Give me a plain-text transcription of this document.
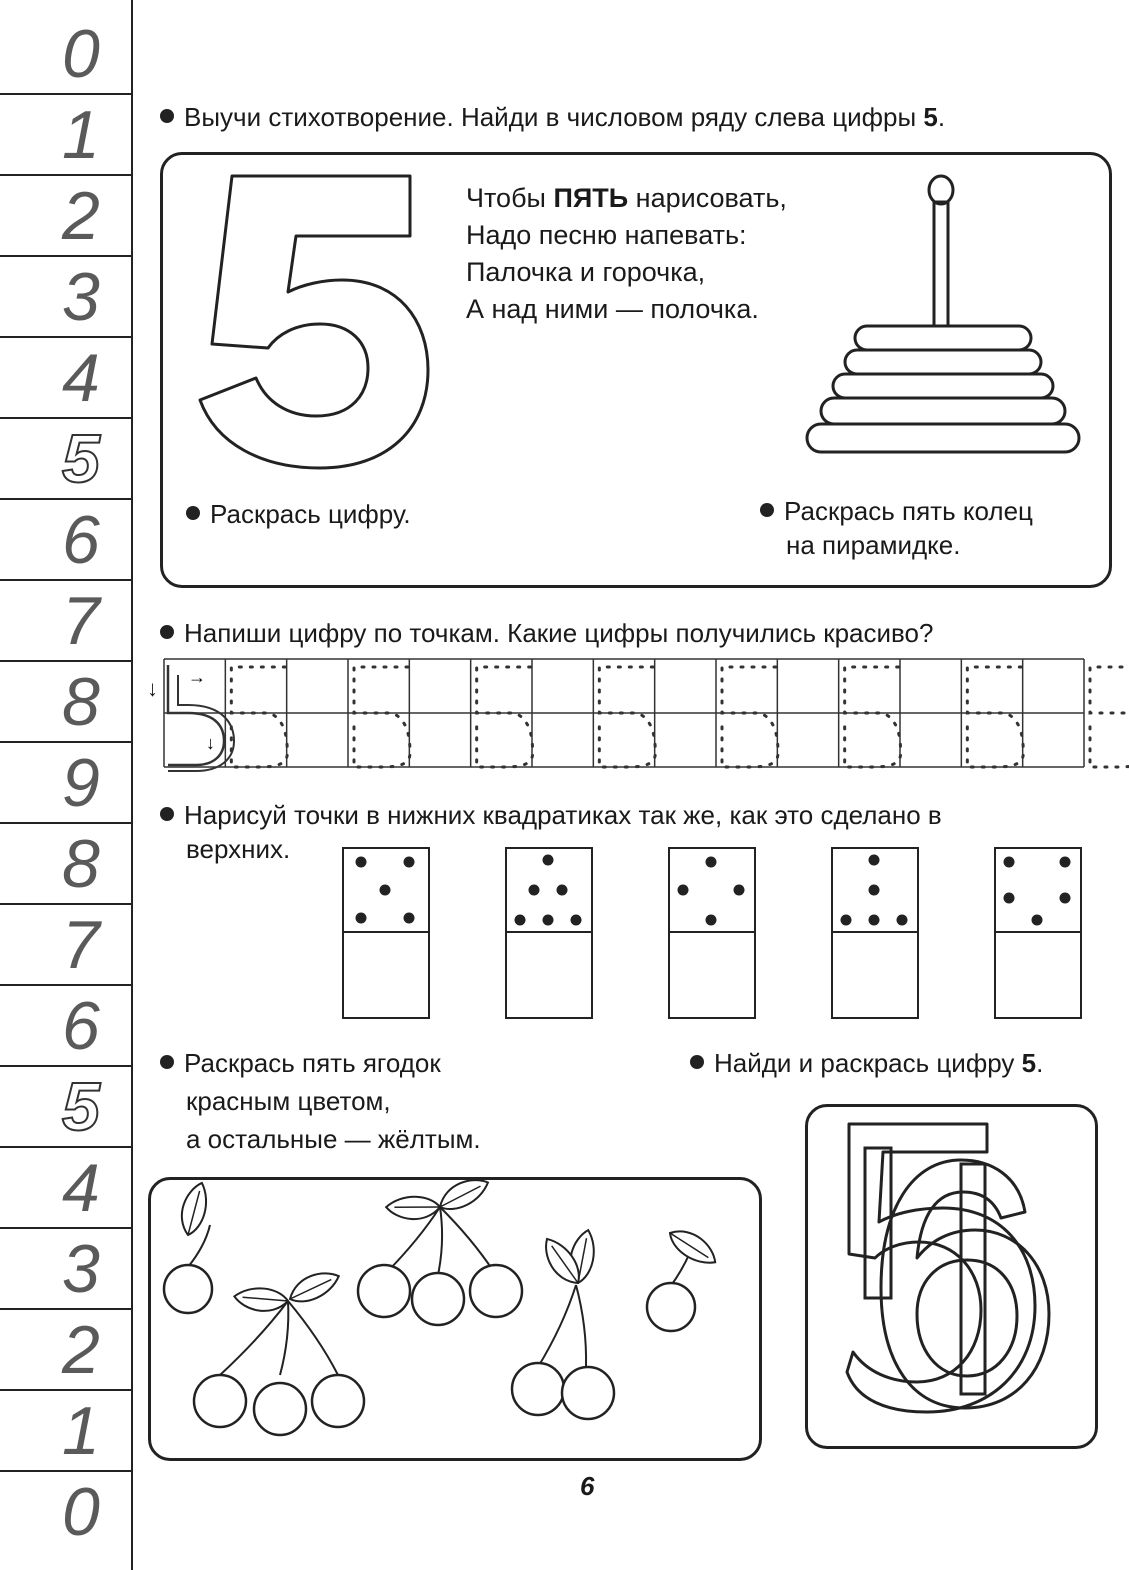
0
1
2
3
4
5
6
7
8
9
8
7
6
5
4
3
2
1
0
Выучи стихотворение. Найди в числовом ряду слева цифры 5.
Чтобы ПЯТЬ нарисовать,
Надо песню напевать:
Палочка и горочка,
А над ними — полочка.
Раскрась цифру.	Раскрась пять колец
на пирамидке.
Напиши цифру по точкам. Какие цифры получились красиво?
→
↓
↓
Нарисуй точки в нижних квадратиках так же, как это сделано в
верхних.
Раскрась пять ягодок
красным цветом,
а остальные — жёлтым.
Найди и раскрась цифру 5.
6
